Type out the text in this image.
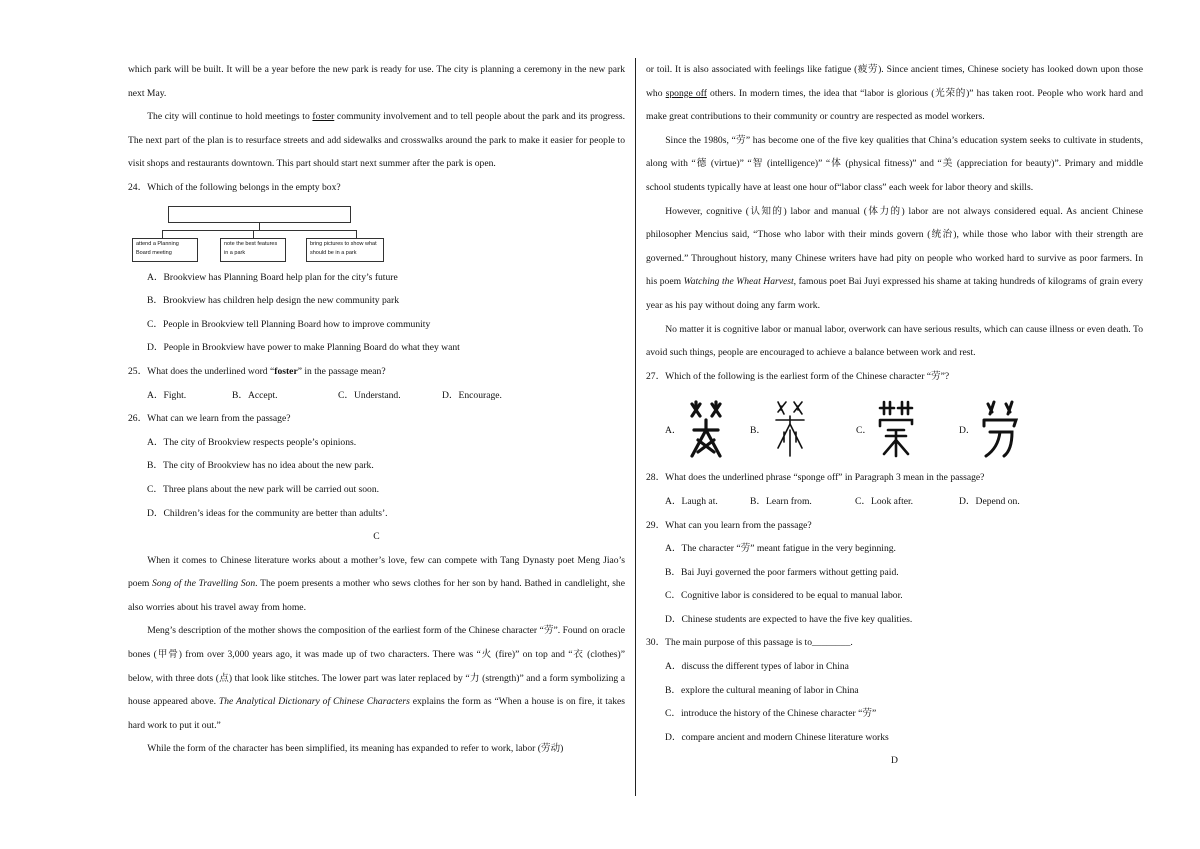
which park will be built. It will be a year before the new park is ready for use. The city is planning a ceremony in the new park next May.

The city will continue to hold meetings to foster community involvement and to tell people about the park and its progress. The next part of the plan is to resurface streets and add sidewalks and crosswalks around the park to make it easier for people to visit shops and restaurants downtown. This part should start next summer after the park is open.

24．Which of the following belongs in the empty box?

attend a Planning Board meeting
note the best features in a park
bring pictures to show what should be in a park

A．Brookview has Planning Board help plan for the city’s future

B．Brookview has children help design the new community park

C．People in Brookview tell Planning Board how to improve community

D．People in Brookview have power to make Planning Board do what they want

25．What does the underlined word “foster” in the passage mean?

A．Fight.	B．Accept.	C．Understand.	D．Encourage.

26．What can we learn from the passage?

A．The city of Brookview respects people’s opinions.

B．The city of Brookview has no idea about the new park.

C．Three plans about the new park will be carried out soon.

D．Children’s ideas for the community are better than adults’.

C

When it comes to Chinese literature works about a mother’s love, few can compete with Tang Dynasty poet Meng Jiao’s poem Song of the Travelling Son. The poem presents a mother who sews clothes for her son by hand. Bathed in candlelight, she also worries about his travel away from home.

Meng’s description of the mother shows the composition of the earliest form of the Chinese character “劳”. Found on oracle bones (甲骨) from over 3,000 years ago, it was made up of two characters. There was “火 (fire)” on top and “衣 (clothes)” below, with three dots (点) that look like stitches. The lower part was later replaced by “力 (strength)” and a form symbolizing a house appeared above. The Analytical Dictionary of Chinese Characters explains the form as “When a house is on fire, it takes hard work to put it out.”

While the form of the character has been simplified, its meaning has expanded to refer to work, labor (劳动)

or toil. It is also associated with feelings like fatigue (疲劳). Since ancient times, Chinese society has looked down upon those who sponge off others. In modern times, the idea that “labor is glorious (光荣的)” has taken root. People who work hard and make great contributions to their community or country are respected as model workers.

Since the 1980s, “劳” has become one of the five key qualities that China’s education system seeks to cultivate in students, along with “德 (virtue)” “智 (intelligence)” “体 (physical fitness)” and “美 (appreciation for beauty)”. Primary and middle school students typically have at least one hour of“labor class” each week for labor theory and skills.

However, cognitive (认知的) labor and manual (体力的) labor are not always considered equal. As ancient Chinese philosopher Mencius said, “Those who labor with their minds govern (统治), while those who labor with their strength are governed.” Throughout history, many Chinese writers have had pity on people who worked hard to survive as poor farmers. In his poem Watching the Wheat Harvest, famous poet Bai Juyi expressed his shame at taking hundreds of kilograms of grain every year as his pay without doing any farm work.

No matter it is cognitive labor or manual labor, overwork can have serious results, which can cause illness or even death. To avoid such things, people are encouraged to achieve a balance between work and rest.

27．Which of the following is the earliest form of the Chinese character “劳”?

A．	B．	C．	D．

28．What does the underlined phrase “sponge off” in Paragraph 3 mean in the passage?

A．Laugh at.	B．Learn from.	C．Look after.	D．Depend on.

29．What can you learn from the passage?

A．The character “劳” meant fatigue in the very beginning.

B．Bai Juyi governed the poor farmers without getting paid.

C．Cognitive labor is considered to be equal to manual labor.

D．Chinese students are expected to have the five key qualities.

30．The main purpose of this passage is to________.

A．discuss the different types of labor in China

B．explore the cultural meaning of labor in China

C．introduce the history of the Chinese character “劳”

D．compare ancient and modern Chinese literature works

D
